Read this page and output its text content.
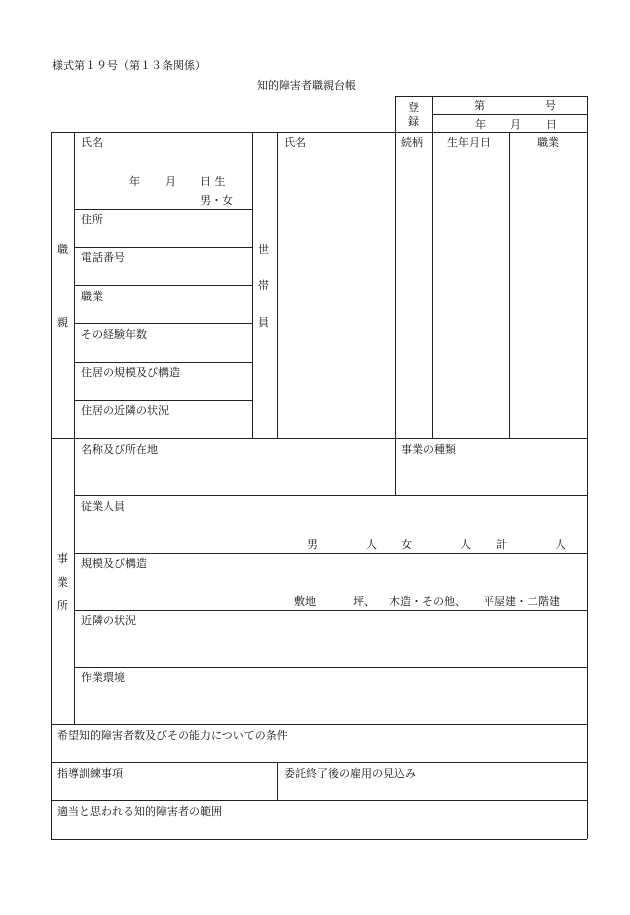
様式第１９号（第１３条関係）
知的障害者職親台帳
登
録
第	号
年 月 日
職
親
氏名
年 月 日 生
男・女
住所
電話番号
職業
その経験年数
住居の規模及び構造
住居の近隣の状況
世
帯
員
氏名	続柄 生年月日	職業
事
業
所
名称及び所在地	事業の種類
従業人員
男	人 女	人 計	人
規模及び構造
敷地	坪、 木造・その他、 平屋建・二階建
近隣の状況
作業環境
希望知的障害者数及びその能力についての条件
指導訓練事項	委託終了後の雇用の見込み
適当と思われる知的障害者の範囲
